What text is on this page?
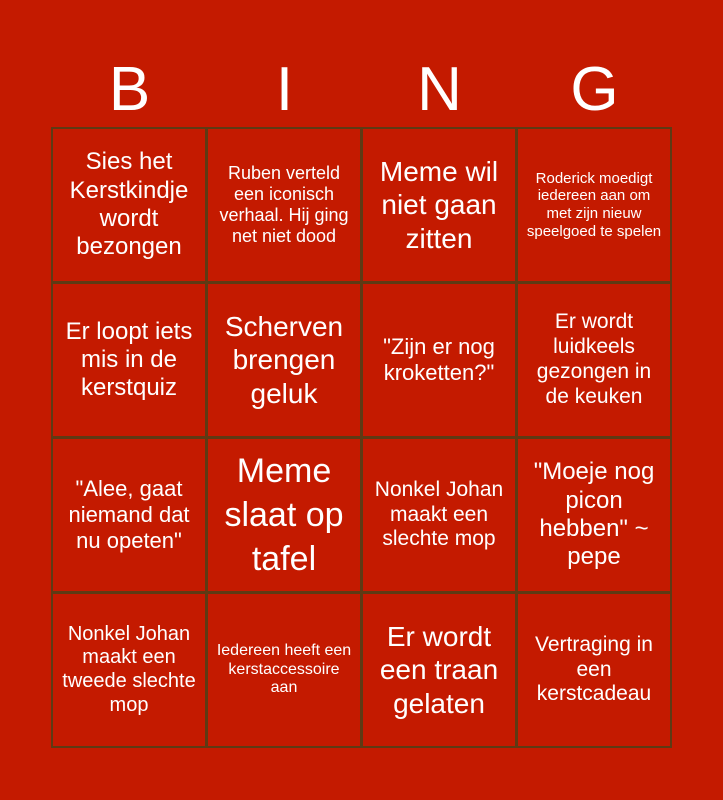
B	I	N	G
Sies het Kerstkindje wordt bezongen
Ruben verteld een iconisch verhaal. Hij ging net niet dood
Meme wil niet gaan zitten
Roderick moedigt iedereen aan om met zijn nieuw speelgoed te spelen
Er loopt iets mis in de kerstquiz
Scherven brengen geluk
"Zijn er nog kroketten?"
Er wordt luidkeels gezongen in de keuken
"Alee, gaat niemand dat nu opeten"
Meme slaat op tafel
Nonkel Johan maakt een slechte mop
"Moeje nog picon hebben" ~ pepe
Nonkel Johan maakt een tweede slechte mop
Iedereen heeft een kerstaccessoire aan
Er wordt een traan gelaten
Vertraging in een kerstcadeau
